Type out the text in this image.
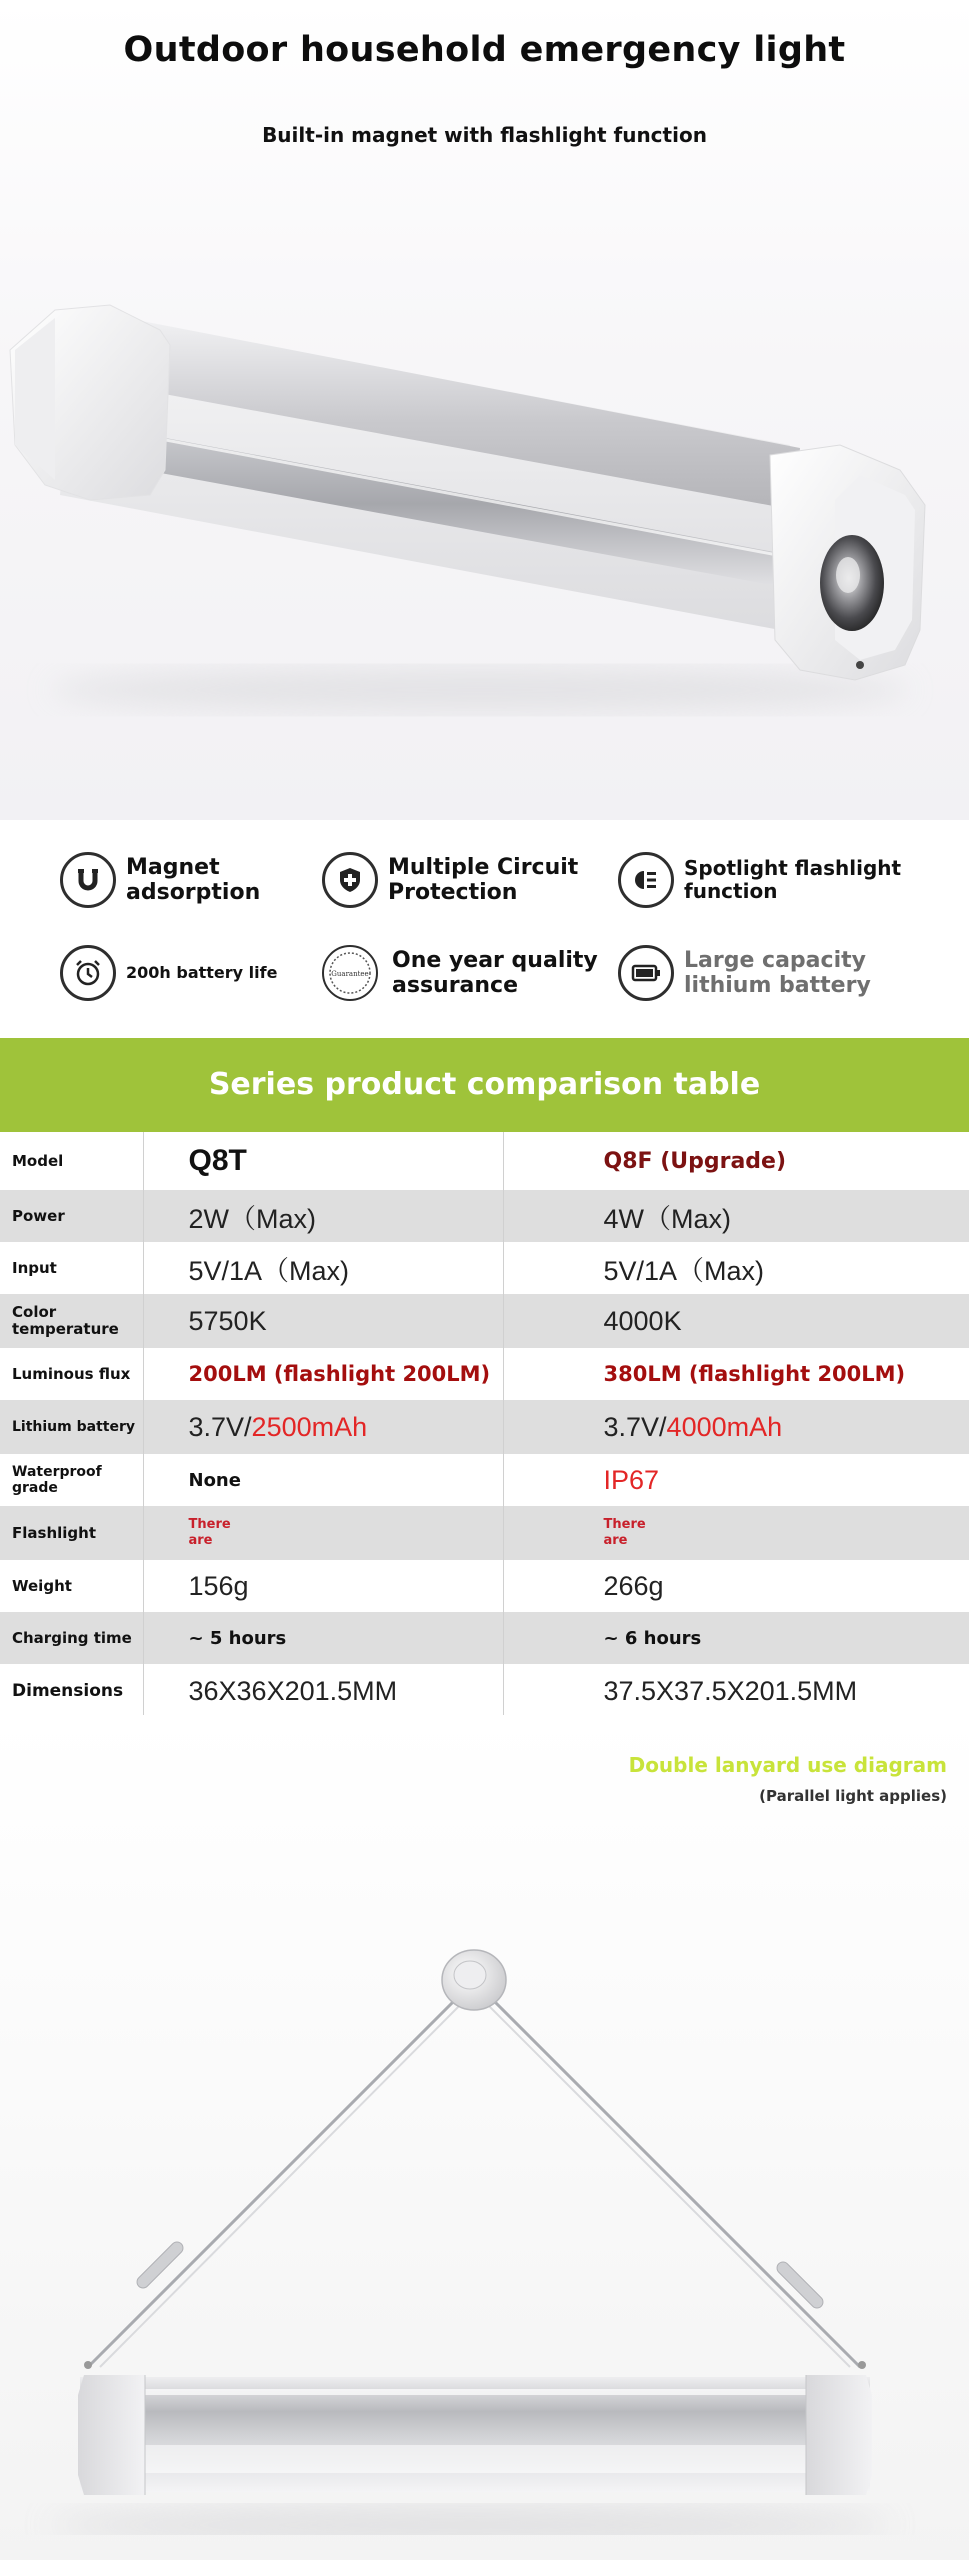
Outdoor household emergency light
Built-in magnet with flashlight function
Magnet adsorption
Multiple Circuit Protection
Spotlight flashlight function
200h battery life	Guarantee
One year quality assurance
Large capacity lithium battery
Series product comparison table
Model	Q8T	Q8F (Upgrade)
Power	2W（Max)	4W（Max)
Input	5V/1A（Max)	5V/1A（Max)
Color temperature	5750K	4000K
Luminous flux	200LM (flashlight 200LM)	380LM (flashlight 200LM)
Lithium battery	3.7V/2500mAh	3.7V/4000mAh
Waterproof grade	None	IP67
Flashlight	There are	There are

Weight	156g	266g
Charging time	~ 5 hours	~ 6 hours
Dimensions	36X36X201.5MM	37.5X37.5X201.5MM
Double lanyard use diagram
(Parallel light applies)
